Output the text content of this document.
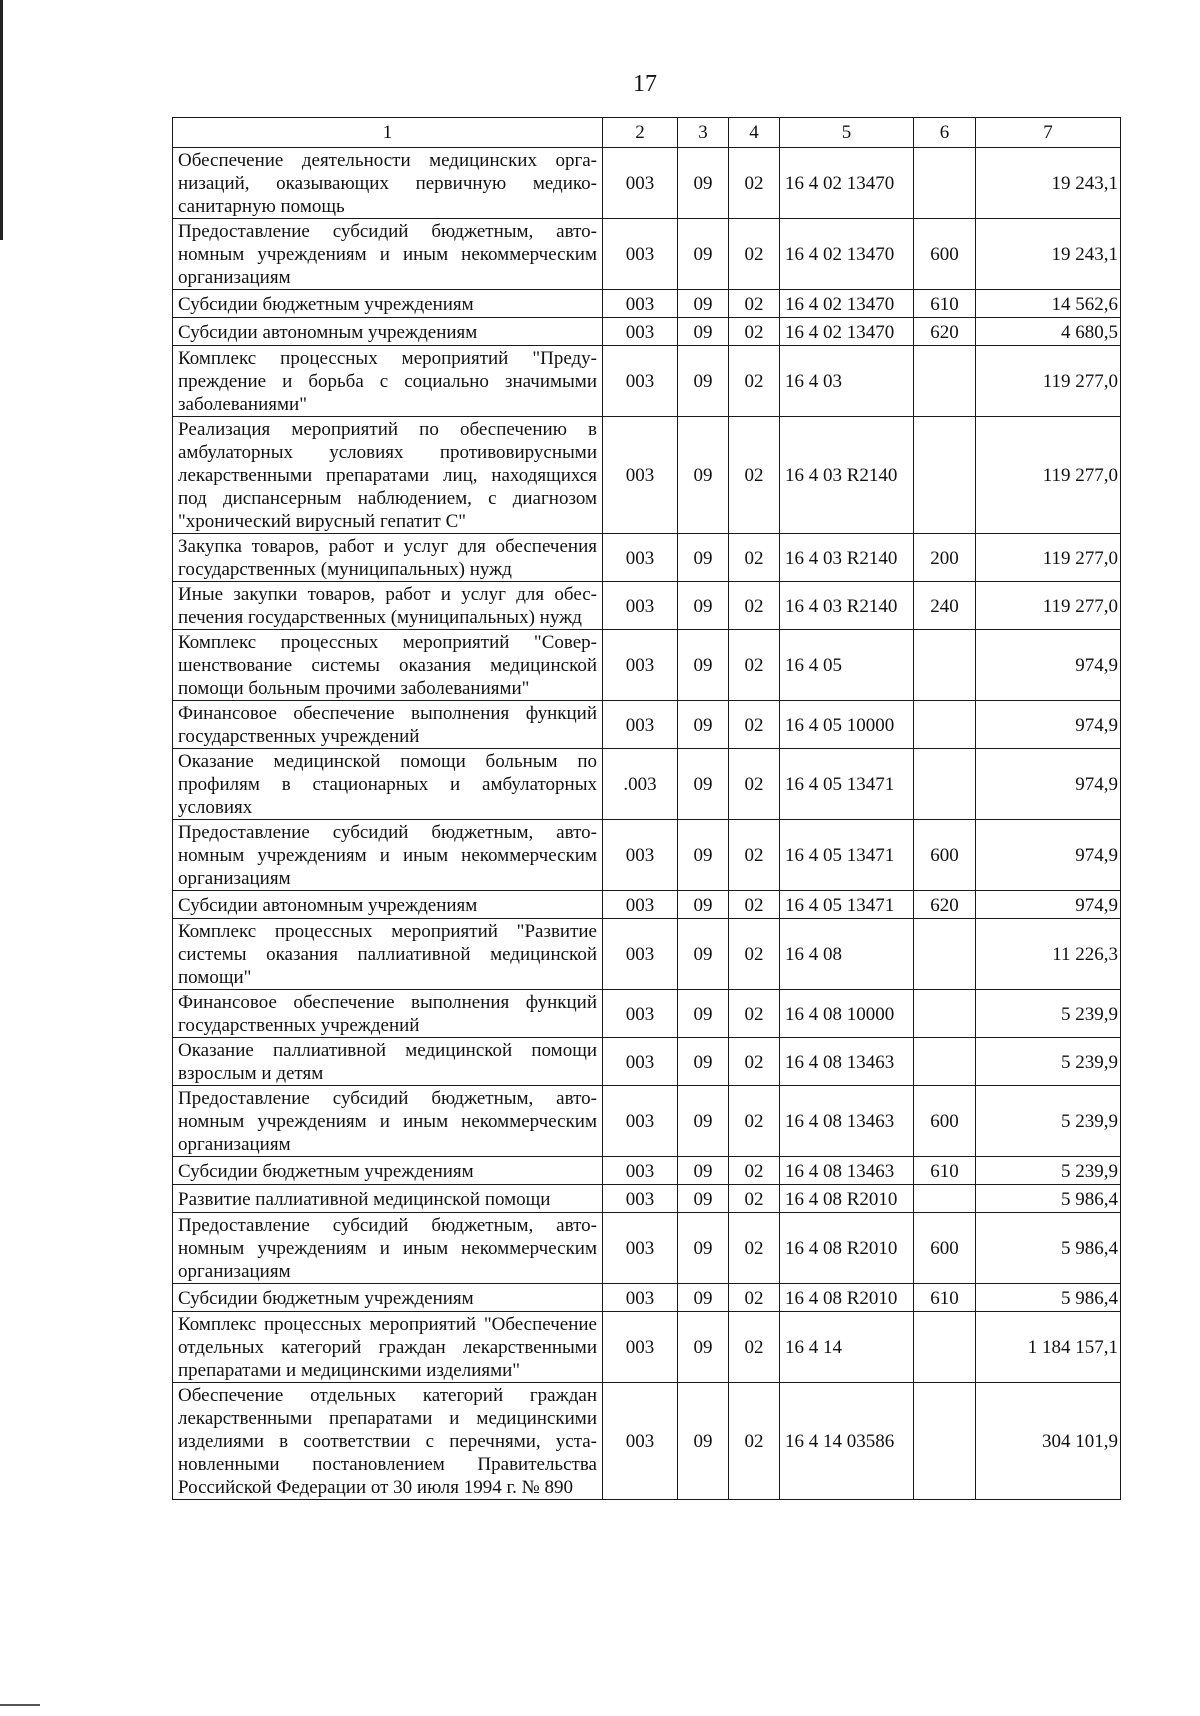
17
1	2	3	4	5	6	7
Обеспечение деятельности медицинских организаций, оказывающих первичную медико-санитарную помощь	003	09	02	16 4 02 13470		19 243,1
Предоставление субсидий бюджетным, автономным учреждениям и иным некоммерческим организациям	003	09	02	16 4 02 13470	600	19 243,1
Субсидии бюджетным учреждениям	003	09	02	16 4 02 13470	610	14 562,6
Субсидии автономным учреждениям	003	09	02	16 4 02 13470	620	4 680,5
Комплекс процессных мероприятий "Предупреждение и борьба с социально значимыми заболеваниями"	003	09	02	16 4 03		119 277,0
Реализация мероприятий по обеспечению в амбулаторных условиях противовирусными лекарственными препаратами лиц, находящихся под диспансерным наблюдением, с диагнозом "хронический вирусный гепатит С"	003	09	02	16 4 03 R2140		119 277,0
Закупка товаров, работ и услуг для обеспечения государственных (муниципальных) нужд	003	09	02	16 4 03 R2140	200	119 277,0
Иные закупки товаров, работ и услуг для обеспечения государственных (муниципальных) нужд	003	09	02	16 4 03 R2140	240	119 277,0
Комплекс процессных мероприятий "Совершенствование системы оказания медицинской помощи больным прочими заболеваниями"	003	09	02	16 4 05		974,9
Финансовое обеспечение выполнения функций государственных учреждений	003	09	02	16 4 05 10000		974,9
Оказание медицинской помощи больным по профилям в стационарных и амбулаторных условиях	.003	09	02	16 4 05 13471		974,9
Предоставление субсидий бюджетным, автономным учреждениям и иным некоммерческим организациям	003	09	02	16 4 05 13471	600	974,9
Субсидии автономным учреждениям	003	09	02	16 4 05 13471	620	974,9
Комплекс процессных мероприятий "Развитие системы оказания паллиативной медицинской помощи"	003	09	02	16 4 08		11 226,3
Финансовое обеспечение выполнения функций государственных учреждений	003	09	02	16 4 08 10000		5 239,9
Оказание паллиативной медицинской помощи взрослым и детям	003	09	02	16 4 08 13463		5 239,9
Предоставление субсидий бюджетным, автономным учреждениям и иным некоммерческим организациям	003	09	02	16 4 08 13463	600	5 239,9
Субсидии бюджетным учреждениям	003	09	02	16 4 08 13463	610	5 239,9
Развитие паллиативной медицинской помощи	003	09	02	16 4 08 R2010		5 986,4
Предоставление субсидий бюджетным, автономным учреждениям и иным некоммерческим организациям	003	09	02	16 4 08 R2010	600	5 986,4
Субсидии бюджетным учреждениям	003	09	02	16 4 08 R2010	610	5 986,4
Комплекс процессных мероприятий "Обеспечение отдельных категорий граждан лекарственными препаратами и медицинскими изделиями"	003	09	02	16 4 14		1 184 157,1
Обеспечение отдельных категорий граждан лекарственными препаратами и медицинскими изделиями в соответствии с перечнями, установленными постановлением Правительства Российской Федерации от 30 июля 1994 г. № 890	003	09	02	16 4 14 03586		304 101,9
